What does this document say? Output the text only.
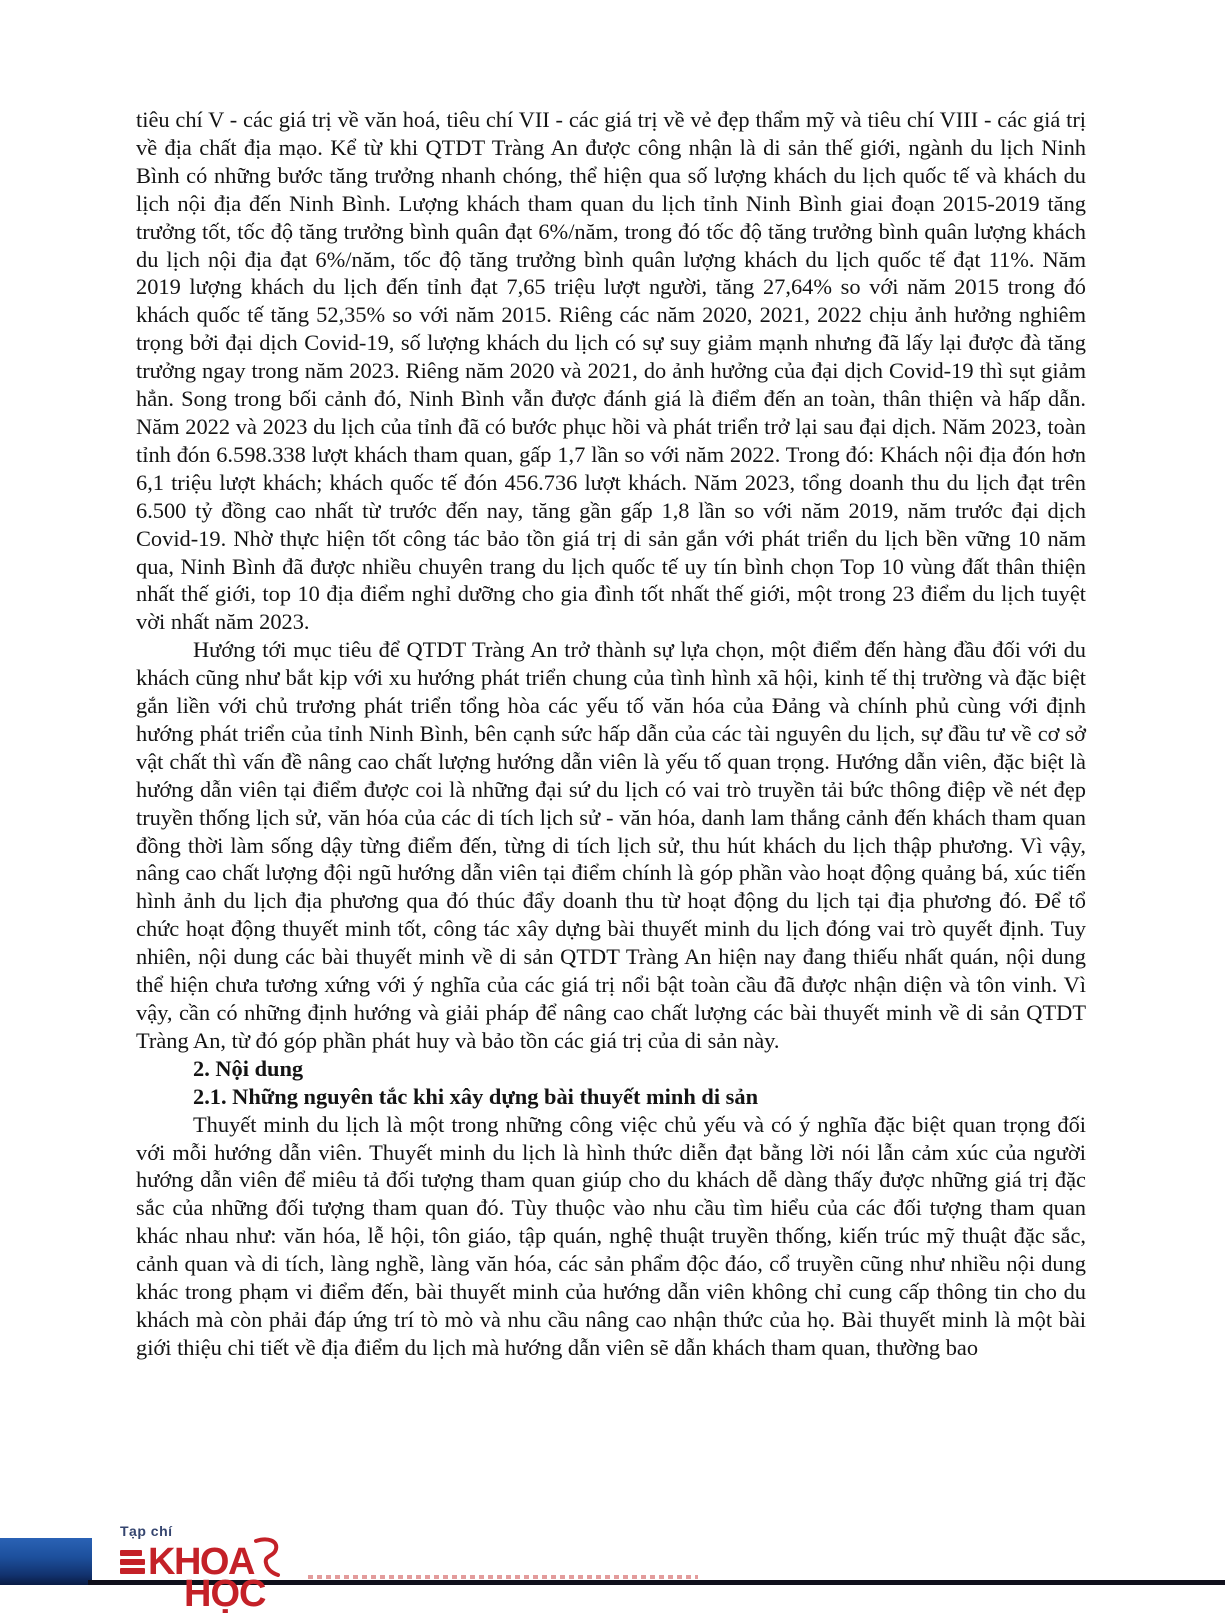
tiêu chí V - các giá trị về văn hoá, tiêu chí VII - các giá trị về vẻ đẹp thẩm mỹ và tiêu chí VIII - các giá trị về địa chất địa mạo. Kể từ khi QTDT Tràng An được công nhận là di sản thế giới, ngành du lịch Ninh Bình có những bước tăng trưởng nhanh chóng, thể hiện qua số lượng khách du lịch quốc tế và khách du lịch nội địa đến Ninh Bình. Lượng khách tham quan du lịch tỉnh Ninh Bình giai đoạn 2015-2019 tăng trưởng tốt, tốc độ tăng trưởng bình quân đạt 6%/năm, trong đó tốc độ tăng trưởng bình quân lượng khách du lịch nội địa đạt 6%/năm, tốc độ tăng trưởng bình quân lượng khách du lịch quốc tế đạt 11%. Năm 2019 lượng khách du lịch đến tỉnh đạt 7,65 triệu lượt người, tăng 27,64% so với năm 2015 trong đó khách quốc tế tăng 52,35% so với năm 2015. Riêng các năm 2020, 2021, 2022 chịu ảnh hưởng nghiêm trọng bởi đại dịch Covid-19, số lượng khách du lịch có sự suy giảm mạnh nhưng đã lấy lại được đà tăng trưởng ngay trong năm 2023. Riêng năm 2020 và 2021, do ảnh hưởng của đại dịch Covid-19 thì sụt giảm hẳn. Song trong bối cảnh đó, Ninh Bình vẫn được đánh giá là điểm đến an toàn, thân thiện và hấp dẫn. Năm 2022 và 2023 du lịch của tỉnh đã có bước phục hồi và phát triển trở lại sau đại dịch. Năm 2023, toàn tỉnh đón 6.598.338 lượt khách tham quan, gấp 1,7 lần so với năm 2022. Trong đó: Khách nội địa đón hơn 6,1 triệu lượt khách; khách quốc tế đón 456.736 lượt khách. Năm 2023, tổng doanh thu du lịch đạt trên 6.500 tỷ đồng cao nhất từ trước đến nay, tăng gần gấp 1,8 lần so với năm 2019, năm trước đại dịch Covid-19. Nhờ thực hiện tốt công tác bảo tồn giá trị di sản gắn với phát triển du lịch bền vững 10 năm qua, Ninh Bình đã được nhiều chuyên trang du lịch quốc tế uy tín bình chọn Top 10 vùng đất thân thiện nhất thế giới, top 10 địa điểm nghỉ dưỡng cho gia đình tốt nhất thế giới, một trong 23 điểm du lịch tuyệt vời nhất năm 2023.

Hướng tới mục tiêu để QTDT Tràng An trở thành sự lựa chọn, một điểm đến hàng đầu đối với du khách cũng như bắt kịp với xu hướng phát triển chung của tình hình xã hội, kinh tế thị trường và đặc biệt gắn liền với chủ trương phát triển tổng hòa các yếu tố văn hóa của Đảng và chính phủ cùng với định hướng phát triển của tỉnh Ninh Bình, bên cạnh sức hấp dẫn của các tài nguyên du lịch, sự đầu tư về cơ sở vật chất thì vấn đề nâng cao chất lượng hướng dẫn viên là yếu tố quan trọng. Hướng dẫn viên, đặc biệt là hướng dẫn viên tại điểm được coi là những đại sứ du lịch có vai trò truyền tải bức thông điệp về nét đẹp truyền thống lịch sử, văn hóa của các di tích lịch sử - văn hóa, danh lam thắng cảnh đến khách tham quan đồng thời làm sống dậy từng điểm đến, từng di tích lịch sử, thu hút khách du lịch thập phương. Vì vậy, nâng cao chất lượng đội ngũ hướng dẫn viên tại điểm chính là góp phần vào hoạt động quảng bá, xúc tiến hình ảnh du lịch địa phương qua đó thúc đẩy doanh thu từ hoạt động du lịch tại địa phương đó. Để tổ chức hoạt động thuyết minh tốt, công tác xây dựng bài thuyết minh du lịch đóng vai trò quyết định. Tuy nhiên, nội dung các bài thuyết minh về di sản QTDT Tràng An hiện nay đang thiếu nhất quán, nội dung thể hiện chưa tương xứng với ý nghĩa của các giá trị nổi bật toàn cầu đã được nhận diện và tôn vinh. Vì vậy, cần có những định hướng và giải pháp để nâng cao chất lượng các bài thuyết minh về di sản QTDT Tràng An, từ đó góp phần phát huy và bảo tồn các giá trị của di sản này.

2. Nội dung

2.1. Những nguyên tắc khi xây dựng bài thuyết minh di sản

Thuyết minh du lịch là một trong những công việc chủ yếu và có ý nghĩa đặc biệt quan trọng đối với mỗi hướng dẫn viên. Thuyết minh du lịch là hình thức diễn đạt bằng lời nói lẫn cảm xúc của người hướng dẫn viên để miêu tả đối tượng tham quan giúp cho du khách dễ dàng thấy được những giá trị đặc sắc của những đối tượng tham quan đó. Tùy thuộc vào nhu cầu tìm hiểu của các đối tượng tham quan khác nhau như: văn hóa, lễ hội, tôn giáo, tập quán, nghệ thuật truyền thống, kiến trúc mỹ thuật đặc sắc, cảnh quan và di tích, làng nghề, làng văn hóa, các sản phẩm độc đáo, cổ truyền cũng như nhiều nội dung khác trong phạm vi điểm đến, bài thuyết minh của hướng dẫn viên không chỉ cung cấp thông tin cho du khách mà còn phải đáp ứng trí tò mò và nhu cầu nâng cao nhận thức của họ. Bài thuyết minh là một bài giới thiệu chi tiết về địa điểm du lịch mà hướng dẫn viên sẽ dẫn khách tham quan, thường bao

Tạp chí
KHOA
HỌC
